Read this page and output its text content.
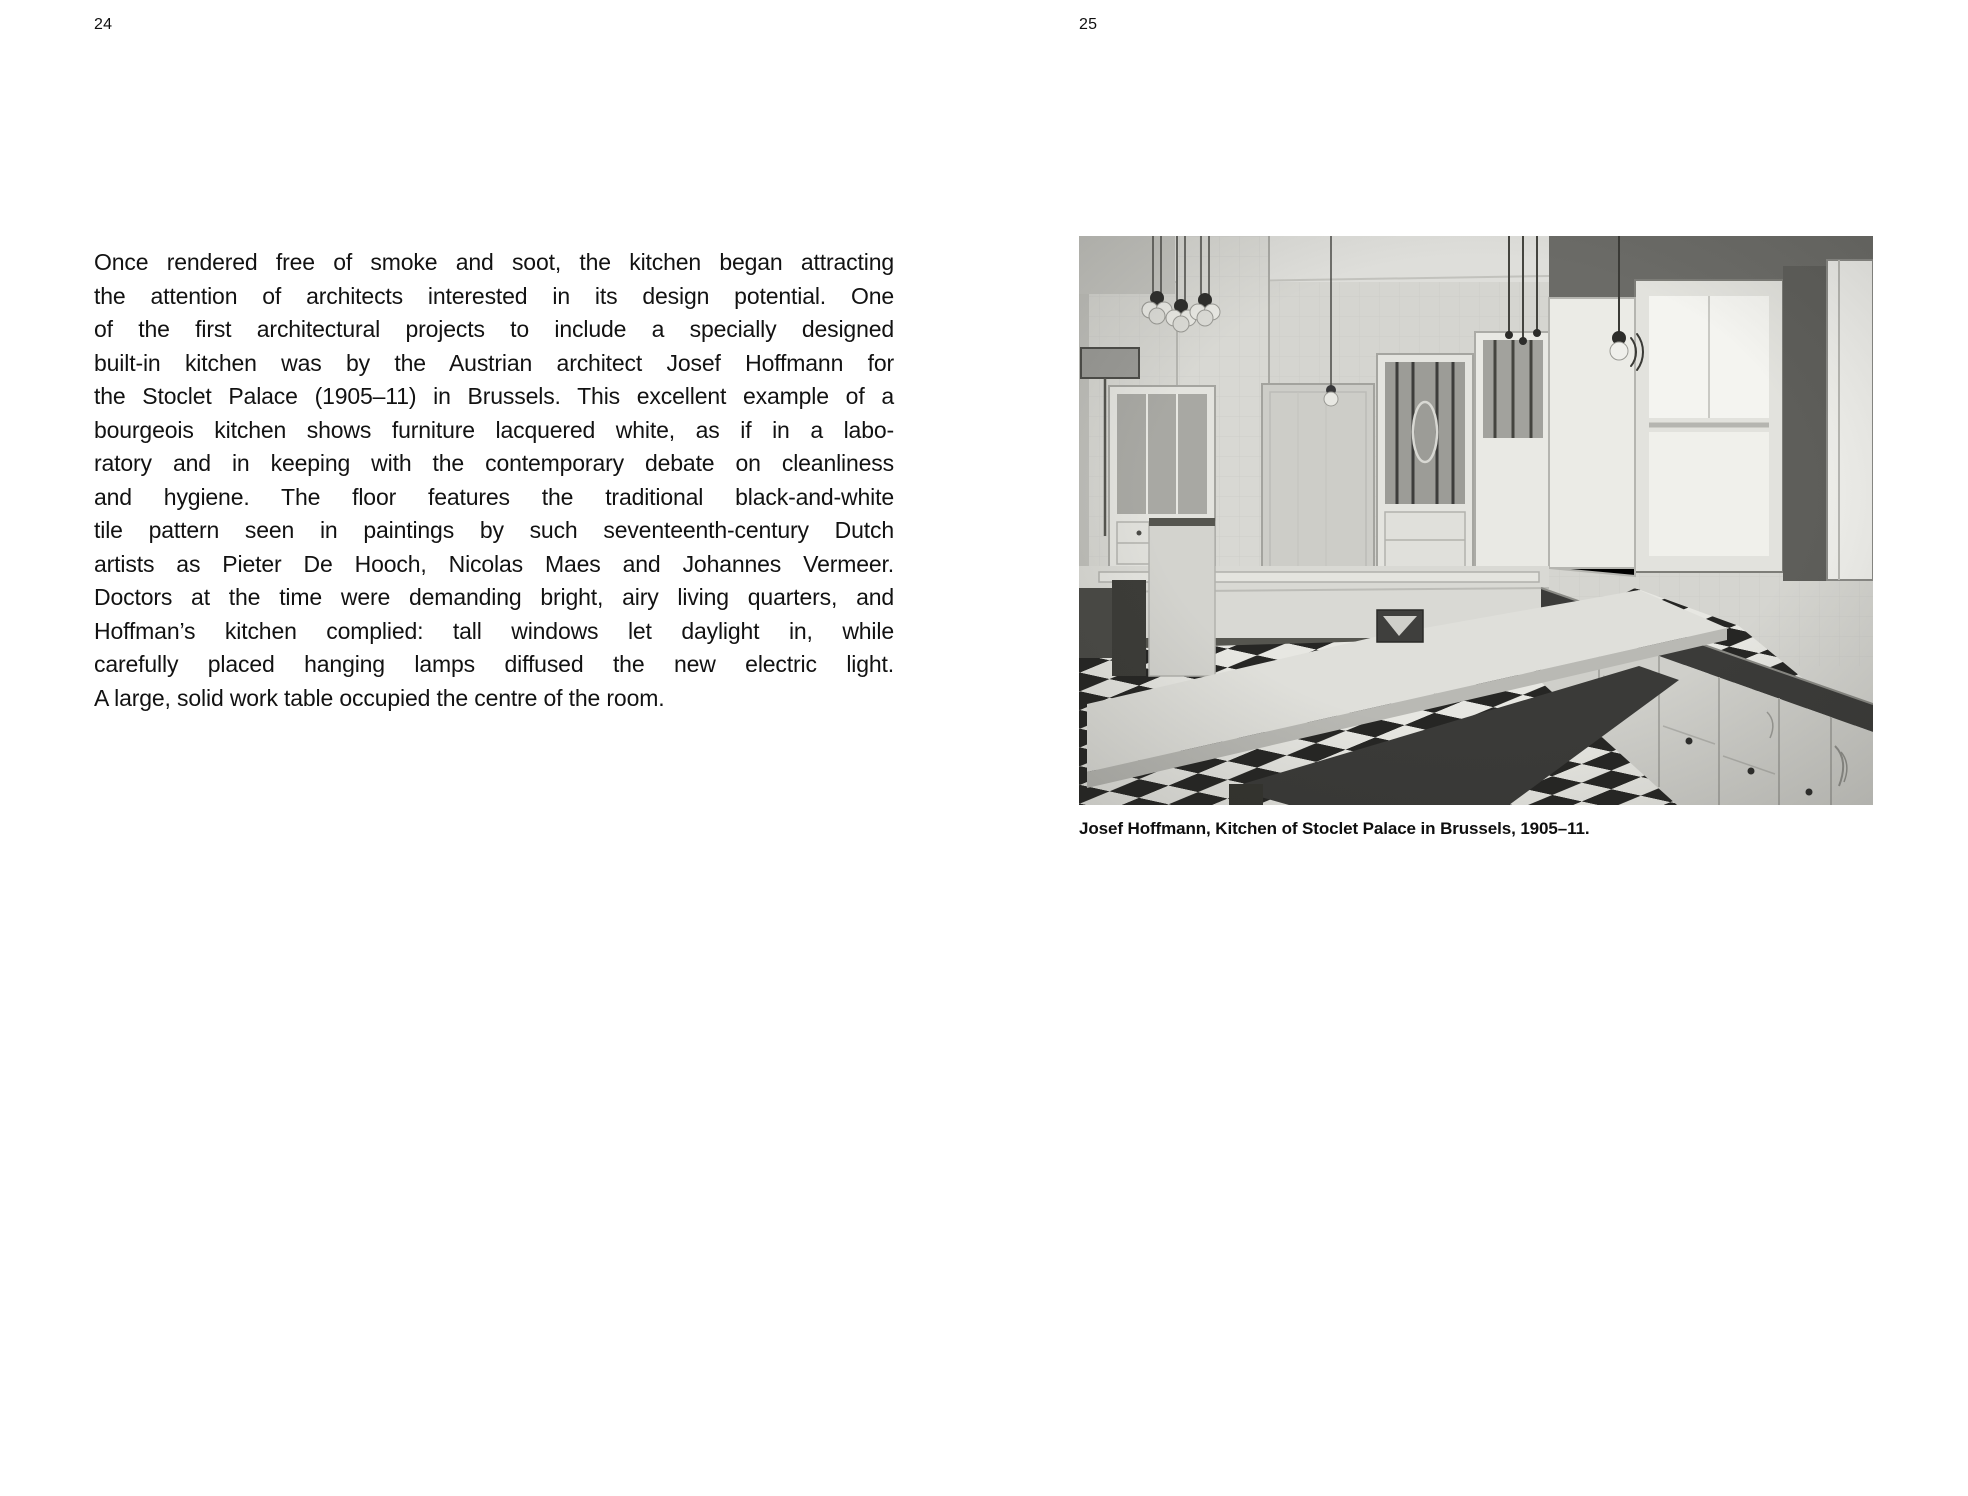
24
Once rendered free of smoke and soot, the kitchen began attracting
the attention of architects interested in its design potential. One
of the first architectural projects to include a specially designed
built-in kitchen was by the Austrian architect Josef Hoffmann for
the Stoclet Palace (1905–11) in Brussels. This excellent example of a
bourgeois kitchen shows furniture lacquered white, as if in a labo-
ratory and in keeping with the contemporary debate on cleanliness
and hygiene. The floor features the traditional black-and-white
tile pattern seen in paintings by such seventeenth-century Dutch
artists as Pieter De Hooch, Nicolas Maes and Johannes Vermeer.
Doctors at the time were demanding bright, airy living quarters, and
Hoffman’s kitchen complied: tall windows let daylight in, while
carefully placed hanging lamps diffused the new electric light.
A large, solid work table occupied the centre of the room.
25
Josef Hoffmann, Kitchen of Stoclet Palace in Brussels, 1905–11.
